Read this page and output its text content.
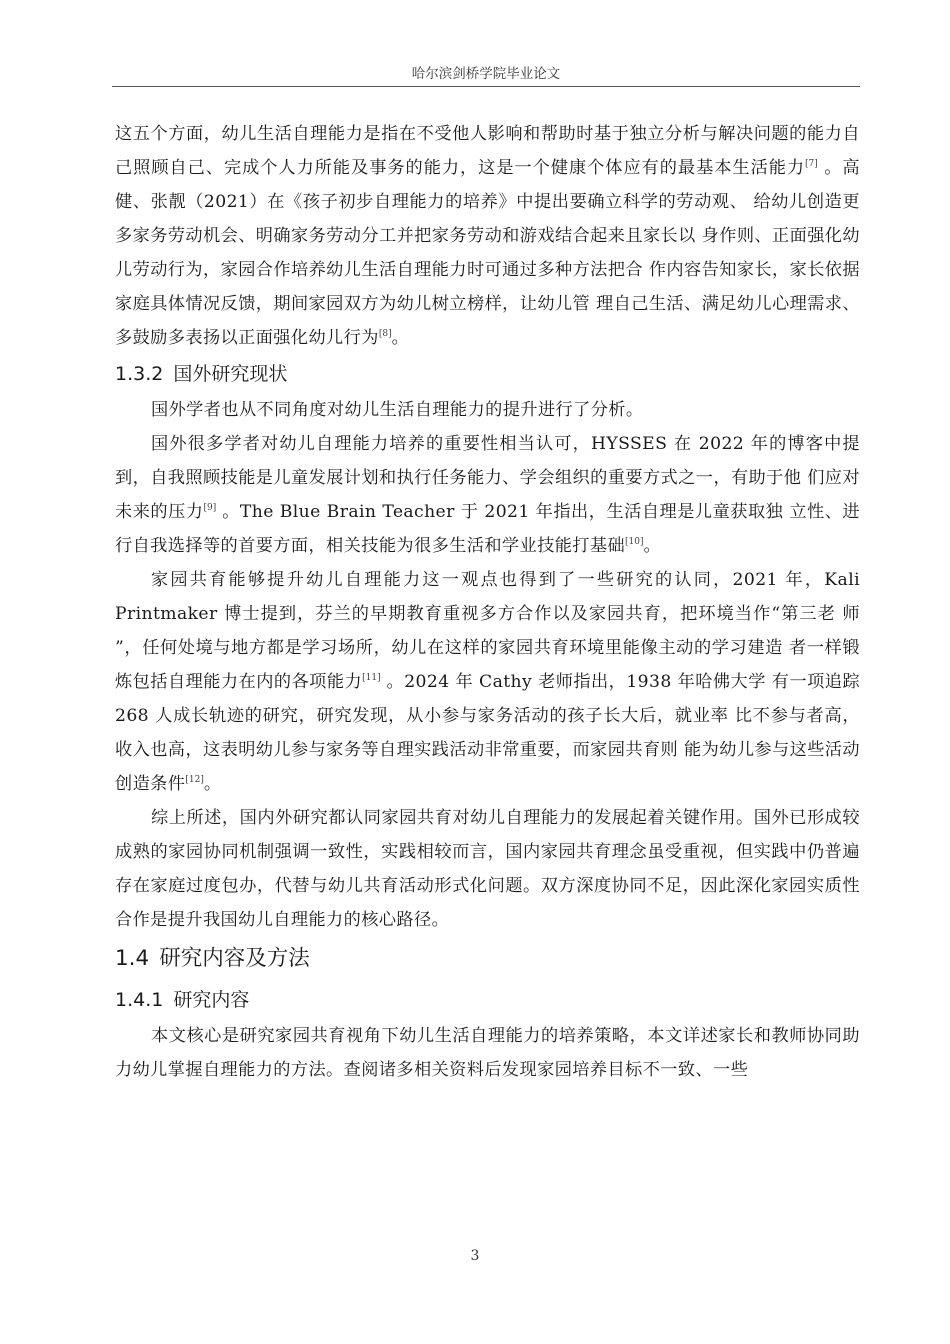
哈尔滨剑桥学院毕业论文

这五个方面，幼儿生活自理能力是指在不受他人影响和帮助时基于独立分析与解决问题的能力自己照顾自己、完成个人力所能及事务的能力，这是一个健康个体应有的最基本生活能力[7] 。高健、张靓（2021）在《孩子初步自理能力的培养》中提出要确立科学的劳动观、 给幼儿创造更多家务劳动机会、明确家务劳动分工并把家务劳动和游戏结合起来且家长以 身作则、正面强化幼儿劳动行为，家园合作培养幼儿生活自理能力时可通过多种方法把合 作内容告知家长，家长依据家庭具体情况反馈，期间家园双方为幼儿树立榜样，让幼儿管 理自己生活、满足幼儿心理需求、多鼓励多表扬以正面强化幼儿行为[8]。

1.3.2 国外研究现状

国外学者也从不同角度对幼儿生活自理能力的提升进行了分析。

国外很多学者对幼儿自理能力培养的重要性相当认可，HYSSES 在 2022 年的博客中提 到，自我照顾技能是儿童发展计划和执行任务能力、学会组织的重要方式之一，有助于他 们应对未来的压力[9] 。The Blue Brain Teacher 于 2021 年指出，生活自理是儿童获取独 立性、进行自我选择等的首要方面，相关技能为很多生活和学业技能打基础[10]。

家园共育能够提升幼儿自理能力这一观点也得到了一些研究的认同，2021 年，Kali Printmaker 博士提到，芬兰的早期教育重视多方合作以及家园共育，把环境当作“第三老 师 ”，任何处境与地方都是学习场所，幼儿在这样的家园共育环境里能像主动的学习建造 者一样锻炼包括自理能力在内的各项能力[11] 。2024 年 Cathy 老师指出，1938 年哈佛大学 有一项追踪 268 人成长轨迹的研究，研究发现，从小参与家务活动的孩子长大后，就业率 比不参与者高，收入也高，这表明幼儿参与家务等自理实践活动非常重要，而家园共育则 能为幼儿参与这些活动创造条件[12]。

综上所述，国内外研究都认同家园共育对幼儿自理能力的发展起着关键作用。国外已形成较成熟的家园协同机制强调一致性，实践相较而言，国内家园共育理念虽受重视，但实践中仍普遍存在家庭过度包办，代替与幼儿共育活动形式化问题。双方深度协同不足，因此深化家园实质性合作是提升我国幼儿自理能力的核心路径。

1.4 研究内容及方法
1.4.1 研究内容

本文核心是研究家园共育视角下幼儿生活自理能力的培养策略，本文详述家长和教师协同助力幼儿掌握自理能力的方法。查阅诸多相关资料后发现家园培养目标不一致、一些

3
